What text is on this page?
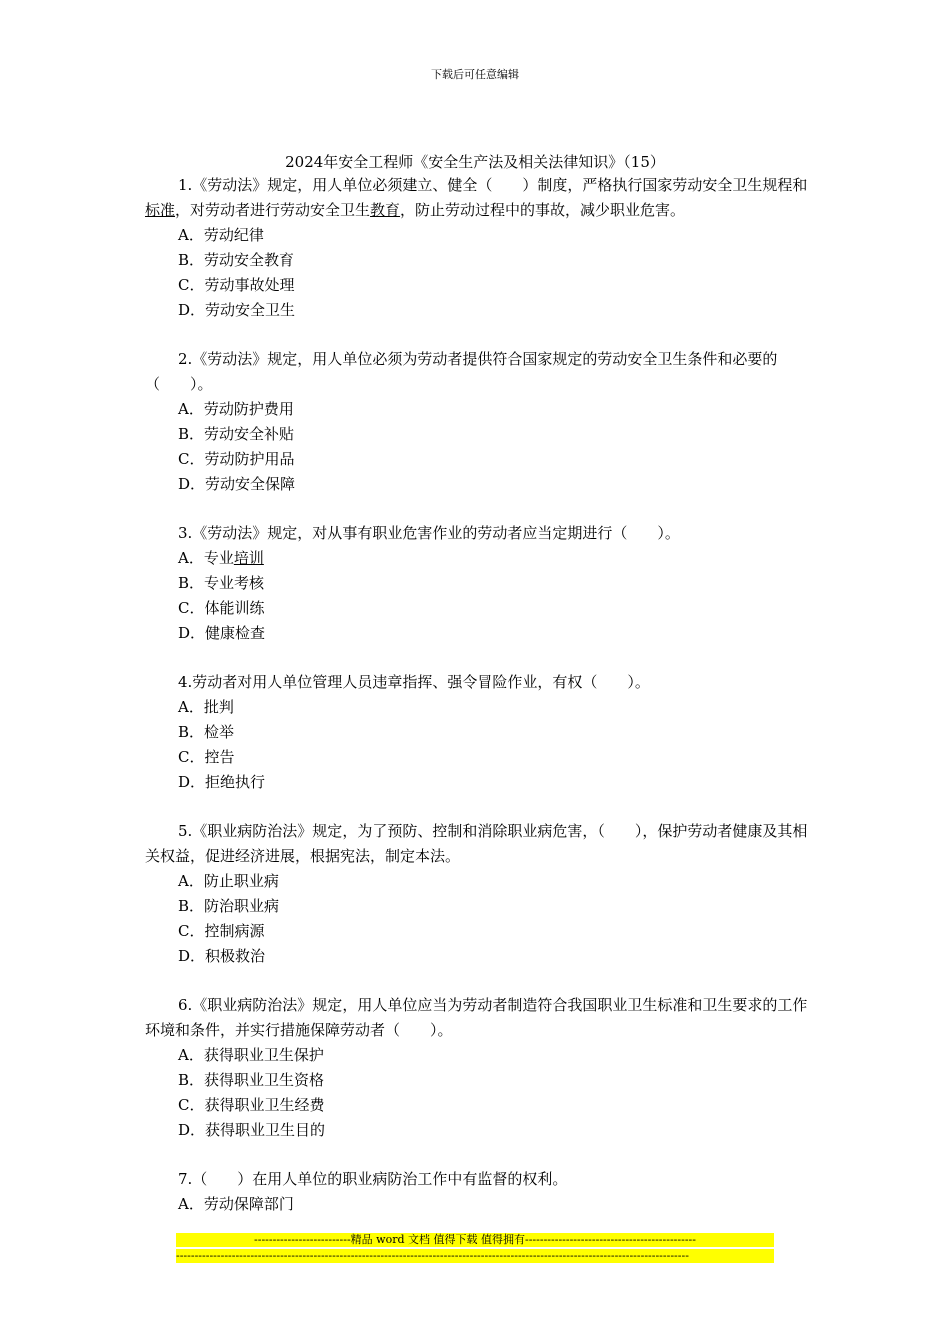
下载后可任意编辑
2024年安全工程师《安全生产法及相关法律知识》（15）

1.《劳动法》规定，用人单位必须建立、健全（　　）制度，严格执行国家劳动安全卫生规程和标准，对劳动者进行劳动安全卫生教育，防止劳动过程中的事故，减少职业危害。

A．劳动纪律

B．劳动安全教育

C．劳动事故处理

D．劳动安全卫生

2.《劳动法》规定，用人单位必须为劳动者提供符合国家规定的劳动安全卫生条件和必要的（　　）。

A．劳动防护费用

B．劳动安全补贴

C．劳动防护用品

D．劳动安全保障

3.《劳动法》规定，对从事有职业危害作业的劳动者应当定期进行（　　）。

A．专业培训

B．专业考核

C．体能训练

D．健康检查

4.劳动者对用人单位管理人员违章指挥、强令冒险作业，有权（　　）。

A．批判

B．检举

C．控告

D．拒绝执行

5.《职业病防治法》规定，为了预防、控制和消除职业病危害，（　　），保护劳动者健康及其相关权益，促进经济进展，根据宪法，制定本法。

A．防止职业病

B．防治职业病

C．控制病源

D．积极救治

6.《职业病防治法》规定，用人单位应当为劳动者制造符合我国职业卫生标准和卫生要求的工作环境和条件，并实行措施保障劳动者（　　）。

A．获得职业卫生保护

B．获得职业卫生资格

C．获得职业卫生经费

D．获得职业卫生目的

7.（　　）在用人单位的职业病防治工作中有监督的权利。

A．劳动保障部门

--------------------------精品 word 文档 值得下载 值得拥有----------------------------------------------
------------------------------------------------------------------------------------------------------------------------------------------
